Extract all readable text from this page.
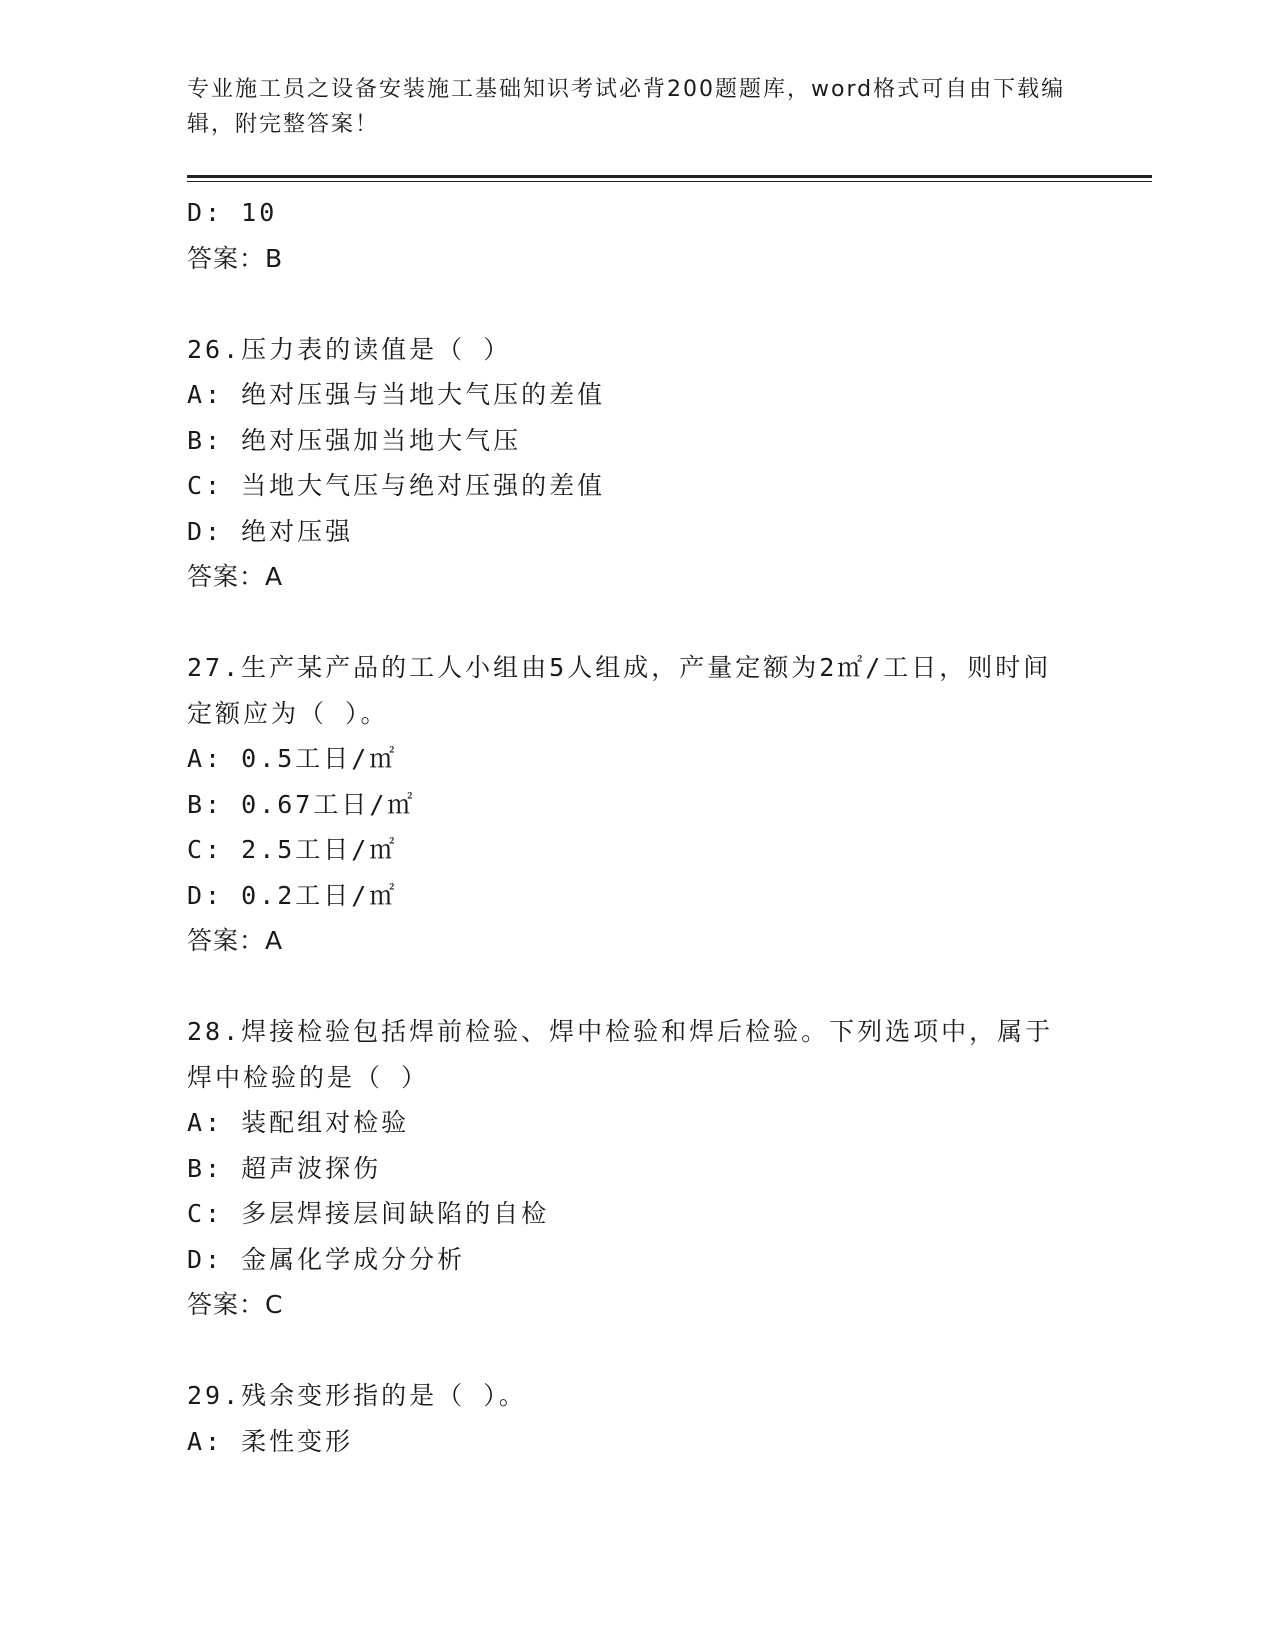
专业施工员之设备安装施工基础知识考试必背200题题库，word格式可自由下载编辑，附完整答案！
D: 10
答案：B
26.压力表的读值是（ ）
A: 绝对压强与当地大气压的差值
B: 绝对压强加当地大气压
C: 当地大气压与绝对压强的差值
D: 绝对压强
答案：A
27.生产某产品的工人小组由5人组成，产量定额为2㎡/工日，则时间定额应为（ ）。
A: 0.5工日/㎡
B: 0.67工日/㎡
C: 2.5工日/㎡
D: 0.2工日/㎡
答案：A
28.焊接检验包括焊前检验、焊中检验和焊后检验。下列选项中，属于焊中检验的是（ ）
A: 装配组对检验
B: 超声波探伤
C: 多层焊接层间缺陷的自检
D: 金属化学成分分析
答案：C
29.残余变形指的是（ ）。
A: 柔性变形
